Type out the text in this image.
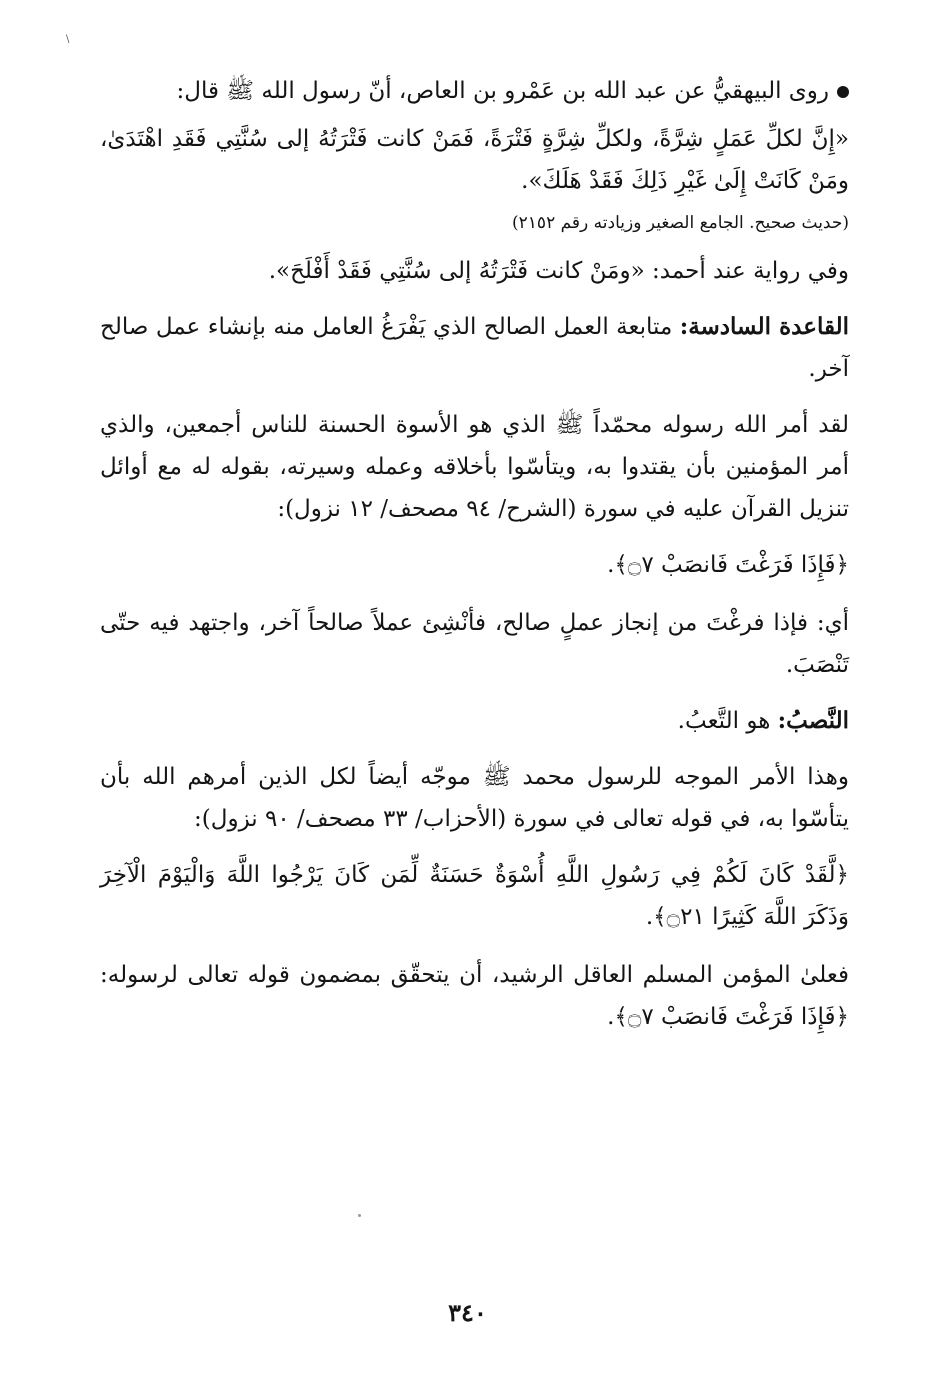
\

روى البيهقيُّ عن عبد الله بن عَمْرو بن العاص، أنّ رسول الله ﷺ قال:

«إِنَّ لكلِّ عَمَلٍ شِرَّةً، ولكلِّ شِرَّةٍ فَتْرَةً، فَمَنْ كانت فَتْرَتُهُ إلى سُنَّتِي فَقَدِ اهْتَدَىٰ، ومَنْ كَانَتْ إِلَىٰ غَيْرِ ذَلِكَ فَقَدْ هَلَكَ».

(حديث صحيح. الجامع الصغير وزيادته رقم ٢١٥٢)

وفي رواية عند أحمد: «ومَنْ كانت فَتْرَتُهُ إلى سُنَّتِي فَقَدْ أَفْلَحَ».

القاعدة السادسة: متابعة العمل الصالح الذي يَفْرَغُ العامل منه بإنشاء عمل صالح آخر.

لقد أمر الله رسوله محمّداً ﷺ الذي هو الأسوة الحسنة للناس أجمعين، والذي أمر المؤمنين بأن يقتدوا به، ويتأسّوا بأخلاقه وعمله وسيرته، بقوله له مع أوائل تنزيل القرآن عليه في سورة (الشرح/ ٩٤ مصحف/ ١٢ نزول):

﴿فَإِذَا فَرَغْتَ فَانصَبْ ۝٧﴾.

أي: فإذا فرغْتَ من إنجاز عملٍ صالح، فأنْشِئ عملاً صالحاً آخر، واجتهد فيه حتّى تَنْصَبَ.

النَّصبُ: هو التَّعبُ.

وهذا الأمر الموجه للرسول محمد ﷺ موجّه أيضاً لكل الذين أمرهم الله بأن يتأسّوا به، في قوله تعالى في سورة (الأحزاب/ ٣٣ مصحف/ ٩٠ نزول):

﴿لَّقَدْ كَانَ لَكُمْ فِي رَسُولِ اللَّهِ أُسْوَةٌ حَسَنَةٌ لِّمَن كَانَ يَرْجُوا اللَّهَ وَالْيَوْمَ الْآخِرَ وَذَكَرَ اللَّهَ كَثِيرًا ۝٢١﴾.

فعلىٰ المؤمن المسلم العاقل الرشيد، أن يتحقّق بمضمون قوله تعالى لرسوله: ﴿فَإِذَا فَرَغْتَ فَانصَبْ ۝٧﴾.

٣٤٠
